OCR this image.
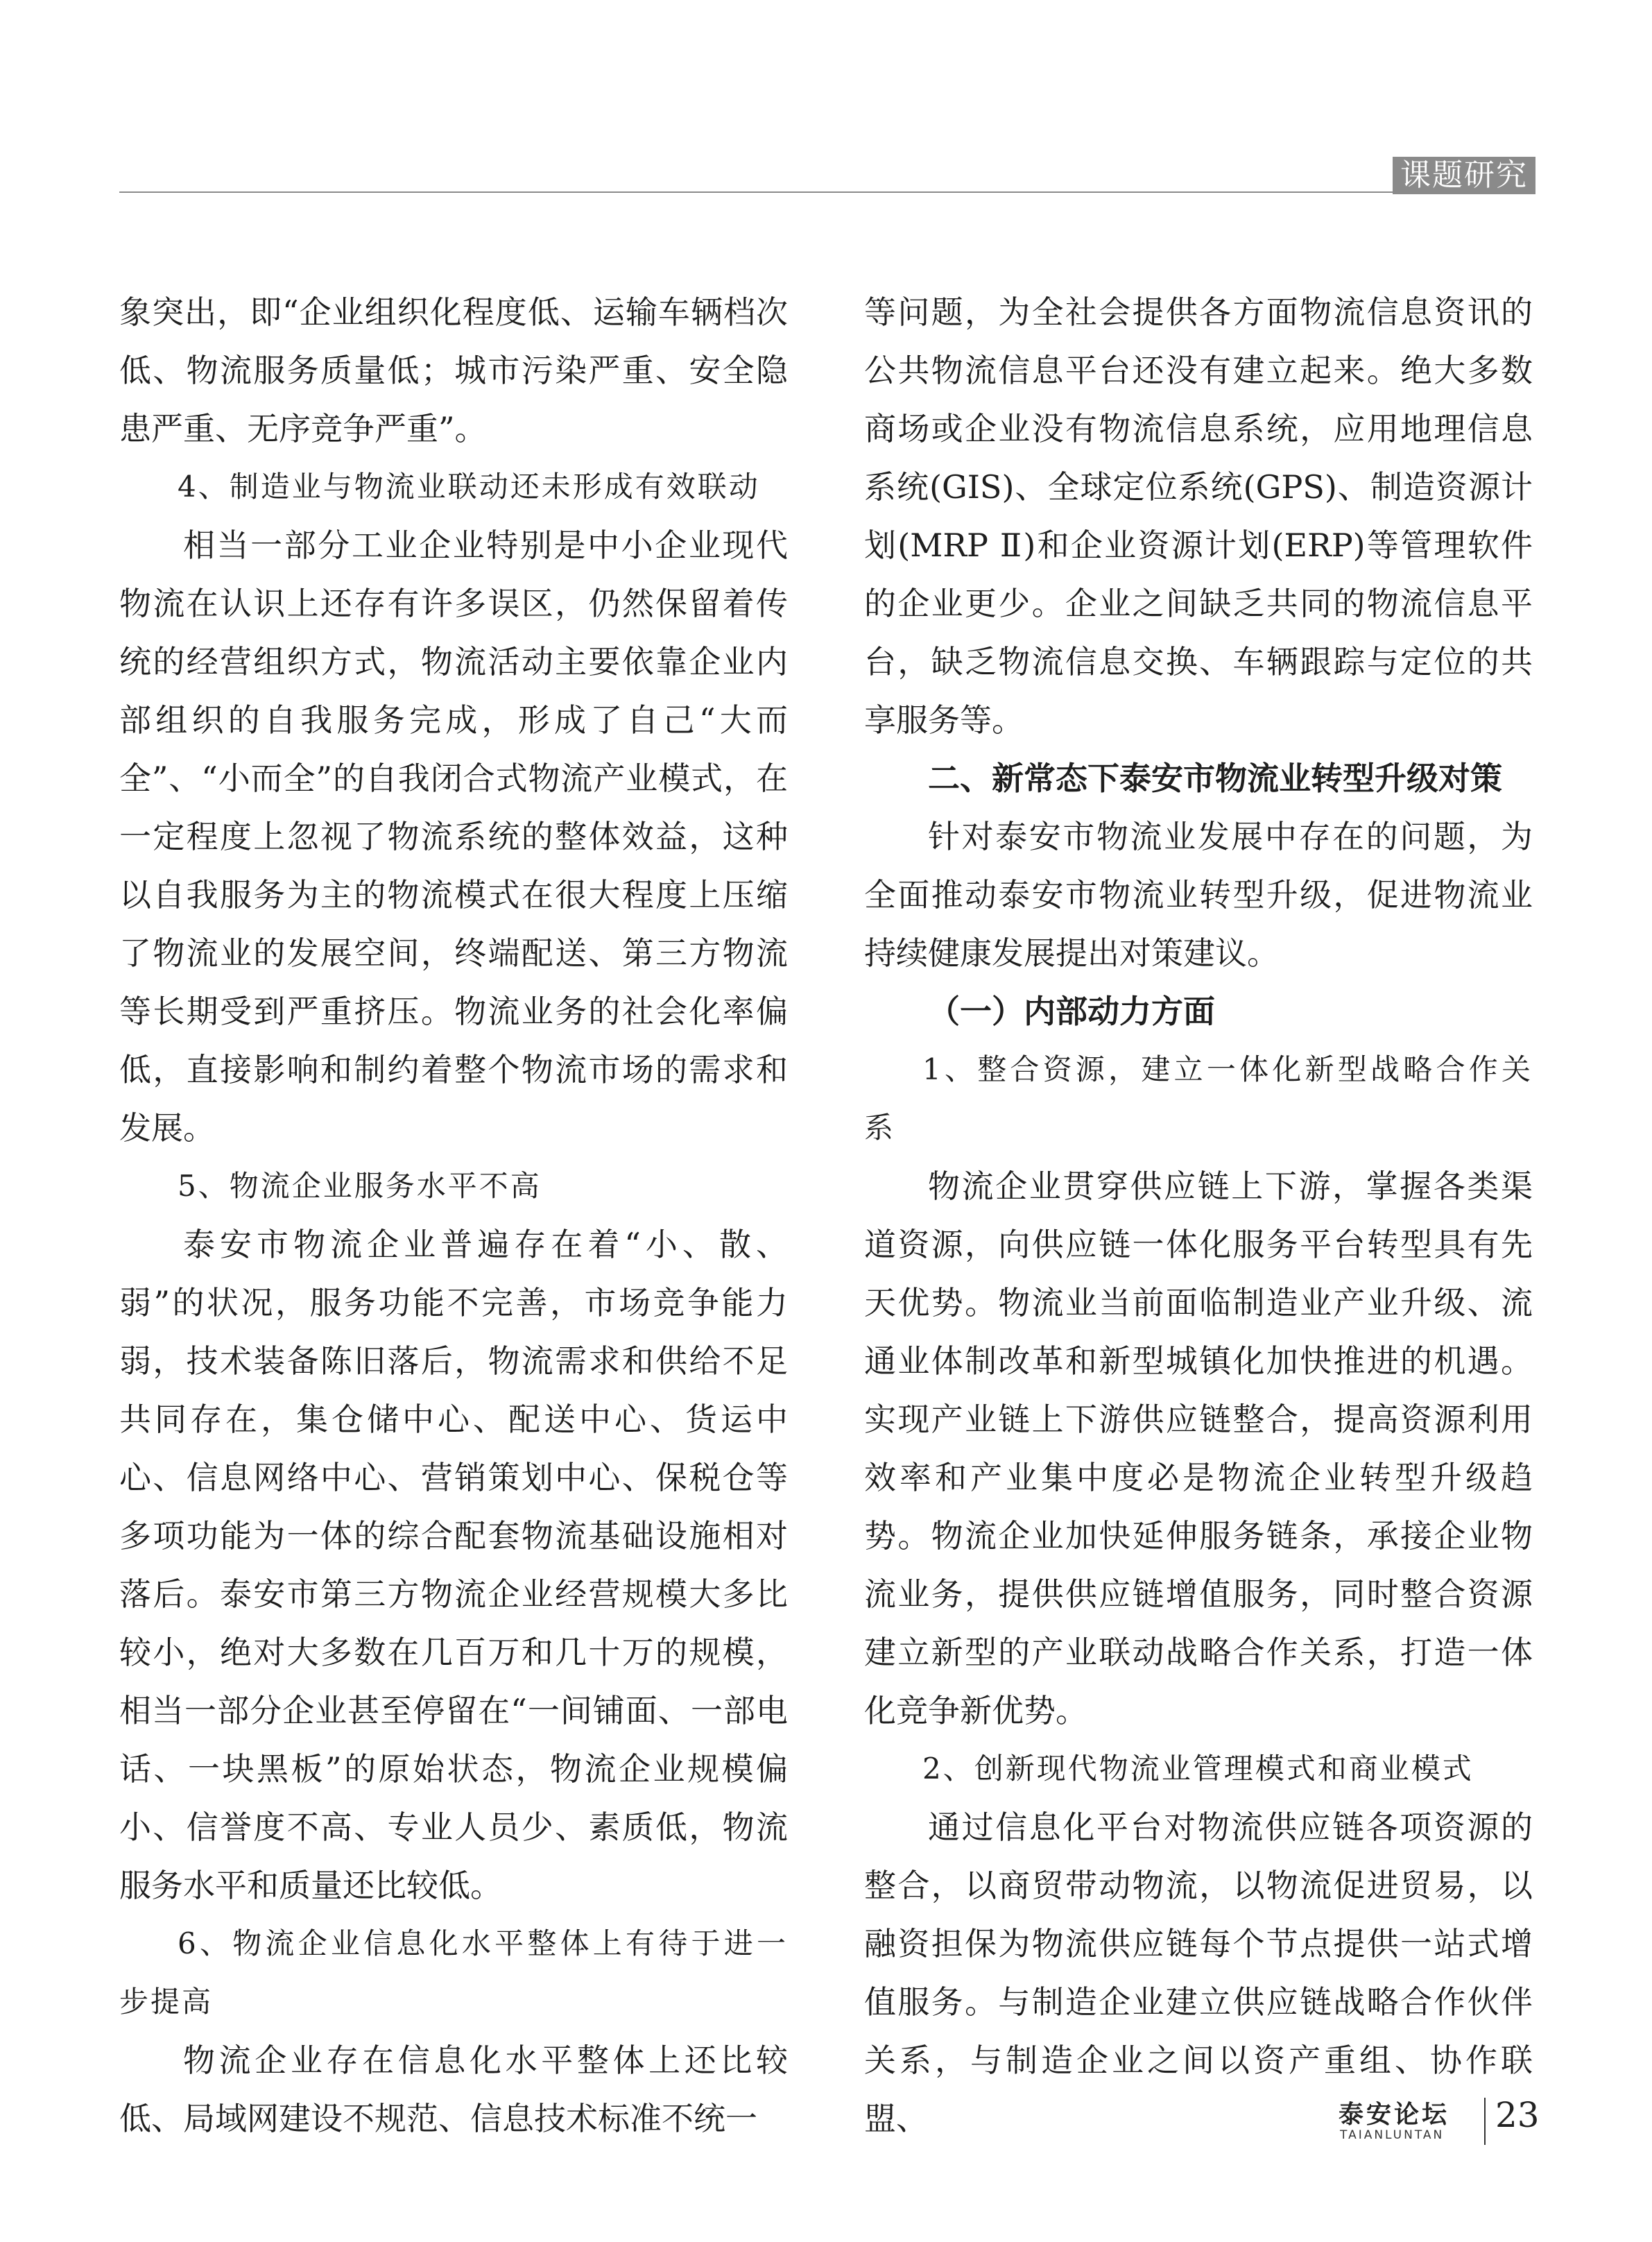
课题研究

象突出，即“企业组织化程度低、运输车辆档次低、物流服务质量低；城市污染严重、安全隐患严重、无序竞争严重”。

4、制造业与物流业联动还未形成有效联动

相当一部分工业企业特别是中小企业现代物流在认识上还存有许多误区，仍然保留着传统的经营组织方式，物流活动主要依靠企业内部组织的自我服务完成，形成了自己“大而全”、“小而全”的自我闭合式物流产业模式，在一定程度上忽视了物流系统的整体效益，这种以自我服务为主的物流模式在很大程度上压缩了物流业的发展空间，终端配送、第三方物流等长期受到严重挤压。物流业务的社会化率偏低，直接影响和制约着整个物流市场的需求和发展。

5、物流企业服务水平不高

泰安市物流企业普遍存在着“小、散、弱”的状况，服务功能不完善，市场竞争能力弱，技术装备陈旧落后，物流需求和供给不足共同存在，集仓储中心、配送中心、货运中心、信息网络中心、营销策划中心、保税仓等多项功能为一体的综合配套物流基础设施相对落后。泰安市第三方物流企业经营规模大多比较小，绝对大多数在几百万和几十万的规模，相当一部分企业甚至停留在“一间铺面、一部电话、一块黑板”的原始状态，物流企业规模偏小、信誉度不高、专业人员少、素质低，物流服务水平和质量还比较低。

6、物流企业信息化水平整体上有待于进一步提高

物流企业存在信息化水平整体上还比较低、局域网建设不规范、信息技术标准不统一

等问题，为全社会提供各方面物流信息资讯的公共物流信息平台还没有建立起来。绝大多数商场或企业没有物流信息系统，应用地理信息系统(GIS)、全球定位系统(GPS)、制造资源计划(MRP Ⅱ)和企业资源计划(ERP)等管理软件的企业更少。企业之间缺乏共同的物流信息平台，缺乏物流信息交换、车辆跟踪与定位的共享服务等。

二、新常态下泰安市物流业转型升级对策

针对泰安市物流业发展中存在的问题，为全面推动泰安市物流业转型升级，促进物流业持续健康发展提出对策建议。

（一）内部动力方面

1、整合资源，建立一体化新型战略合作关系

物流企业贯穿供应链上下游，掌握各类渠道资源，向供应链一体化服务平台转型具有先天优势。物流业当前面临制造业产业升级、流通业体制改革和新型城镇化加快推进的机遇。实现产业链上下游供应链整合，提高资源利用效率和产业集中度必是物流企业转型升级趋势。物流企业加快延伸服务链条，承接企业物流业务，提供供应链增值服务，同时整合资源建立新型的产业联动战略合作关系，打造一体化竞争新优势。

2、创新现代物流业管理模式和商业模式

通过信息化平台对物流供应链各项资源的整合，以商贸带动物流，以物流促进贸易，以融资担保为物流供应链每个节点提供一站式增值服务。与制造企业建立供应链战略合作伙伴关系，与制造企业之间以资产重组、协作联盟、	泰安论坛
TAIANLUNTAN 23
